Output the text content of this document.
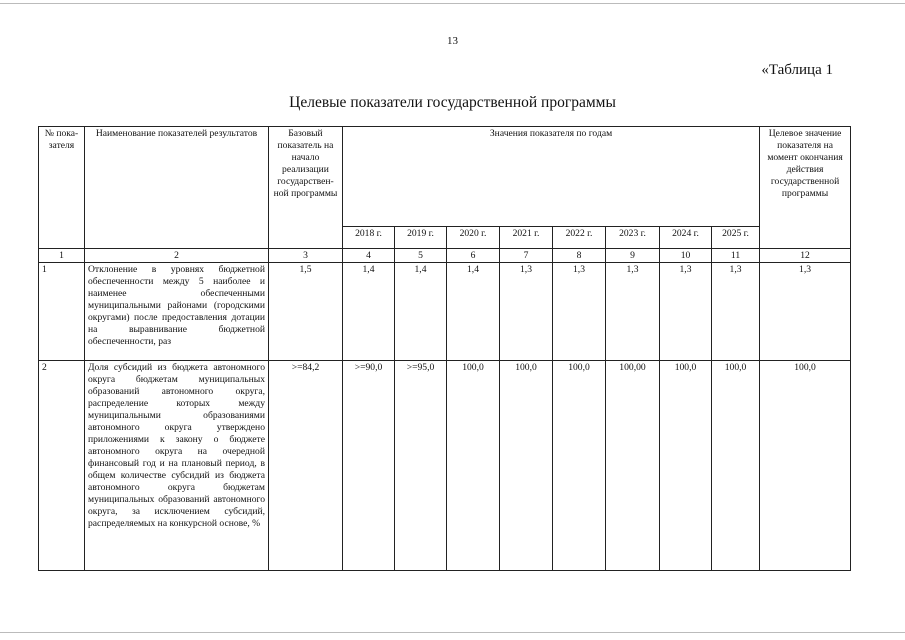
13
«Таблица 1
Целевые показатели государственной программы
№ пока-зателя	Наименование показателей результатов	Базовый показатель на начало реализации государствен-ной программы	Значения показателя по годам								Целевое значение показателя на момент окончания действия государственной программы
			2018 г.	2019 г.	2020 г.	2021 г.	2022 г.	2023 г.	2024 г.	2025 г.	
1	2	3	4	5	6	7	8	9	10	11	12
1	Отклонение в уровнях бюджетной обеспеченности между 5 наиболее и наименее обеспеченными муниципальными районами (городскими округами) после предоставления дотации на выравнивание бюджетной обеспеченности, раз	1,5	1,4	1,4	1,4	1,3	1,3	1,3	1,3	1,3	1,3
2	Доля субсидий из бюджета автономного округа бюджетам муниципальных образований автономного округа, распределение которых между муниципальными образованиями автономного округа утверждено приложениями к закону о бюджете автономного округа на очередной финансовый год и на плановый период, в общем количестве субсидий из бюджета автономного округа бюджетам муниципальных образований автономного округа, за исключением субсидий, распределяемых на конкурсной основе, %	>=84,2	>=90,0	>=95,0	100,0	100,0	100,0	100,00	100,0	100,0	100,0
